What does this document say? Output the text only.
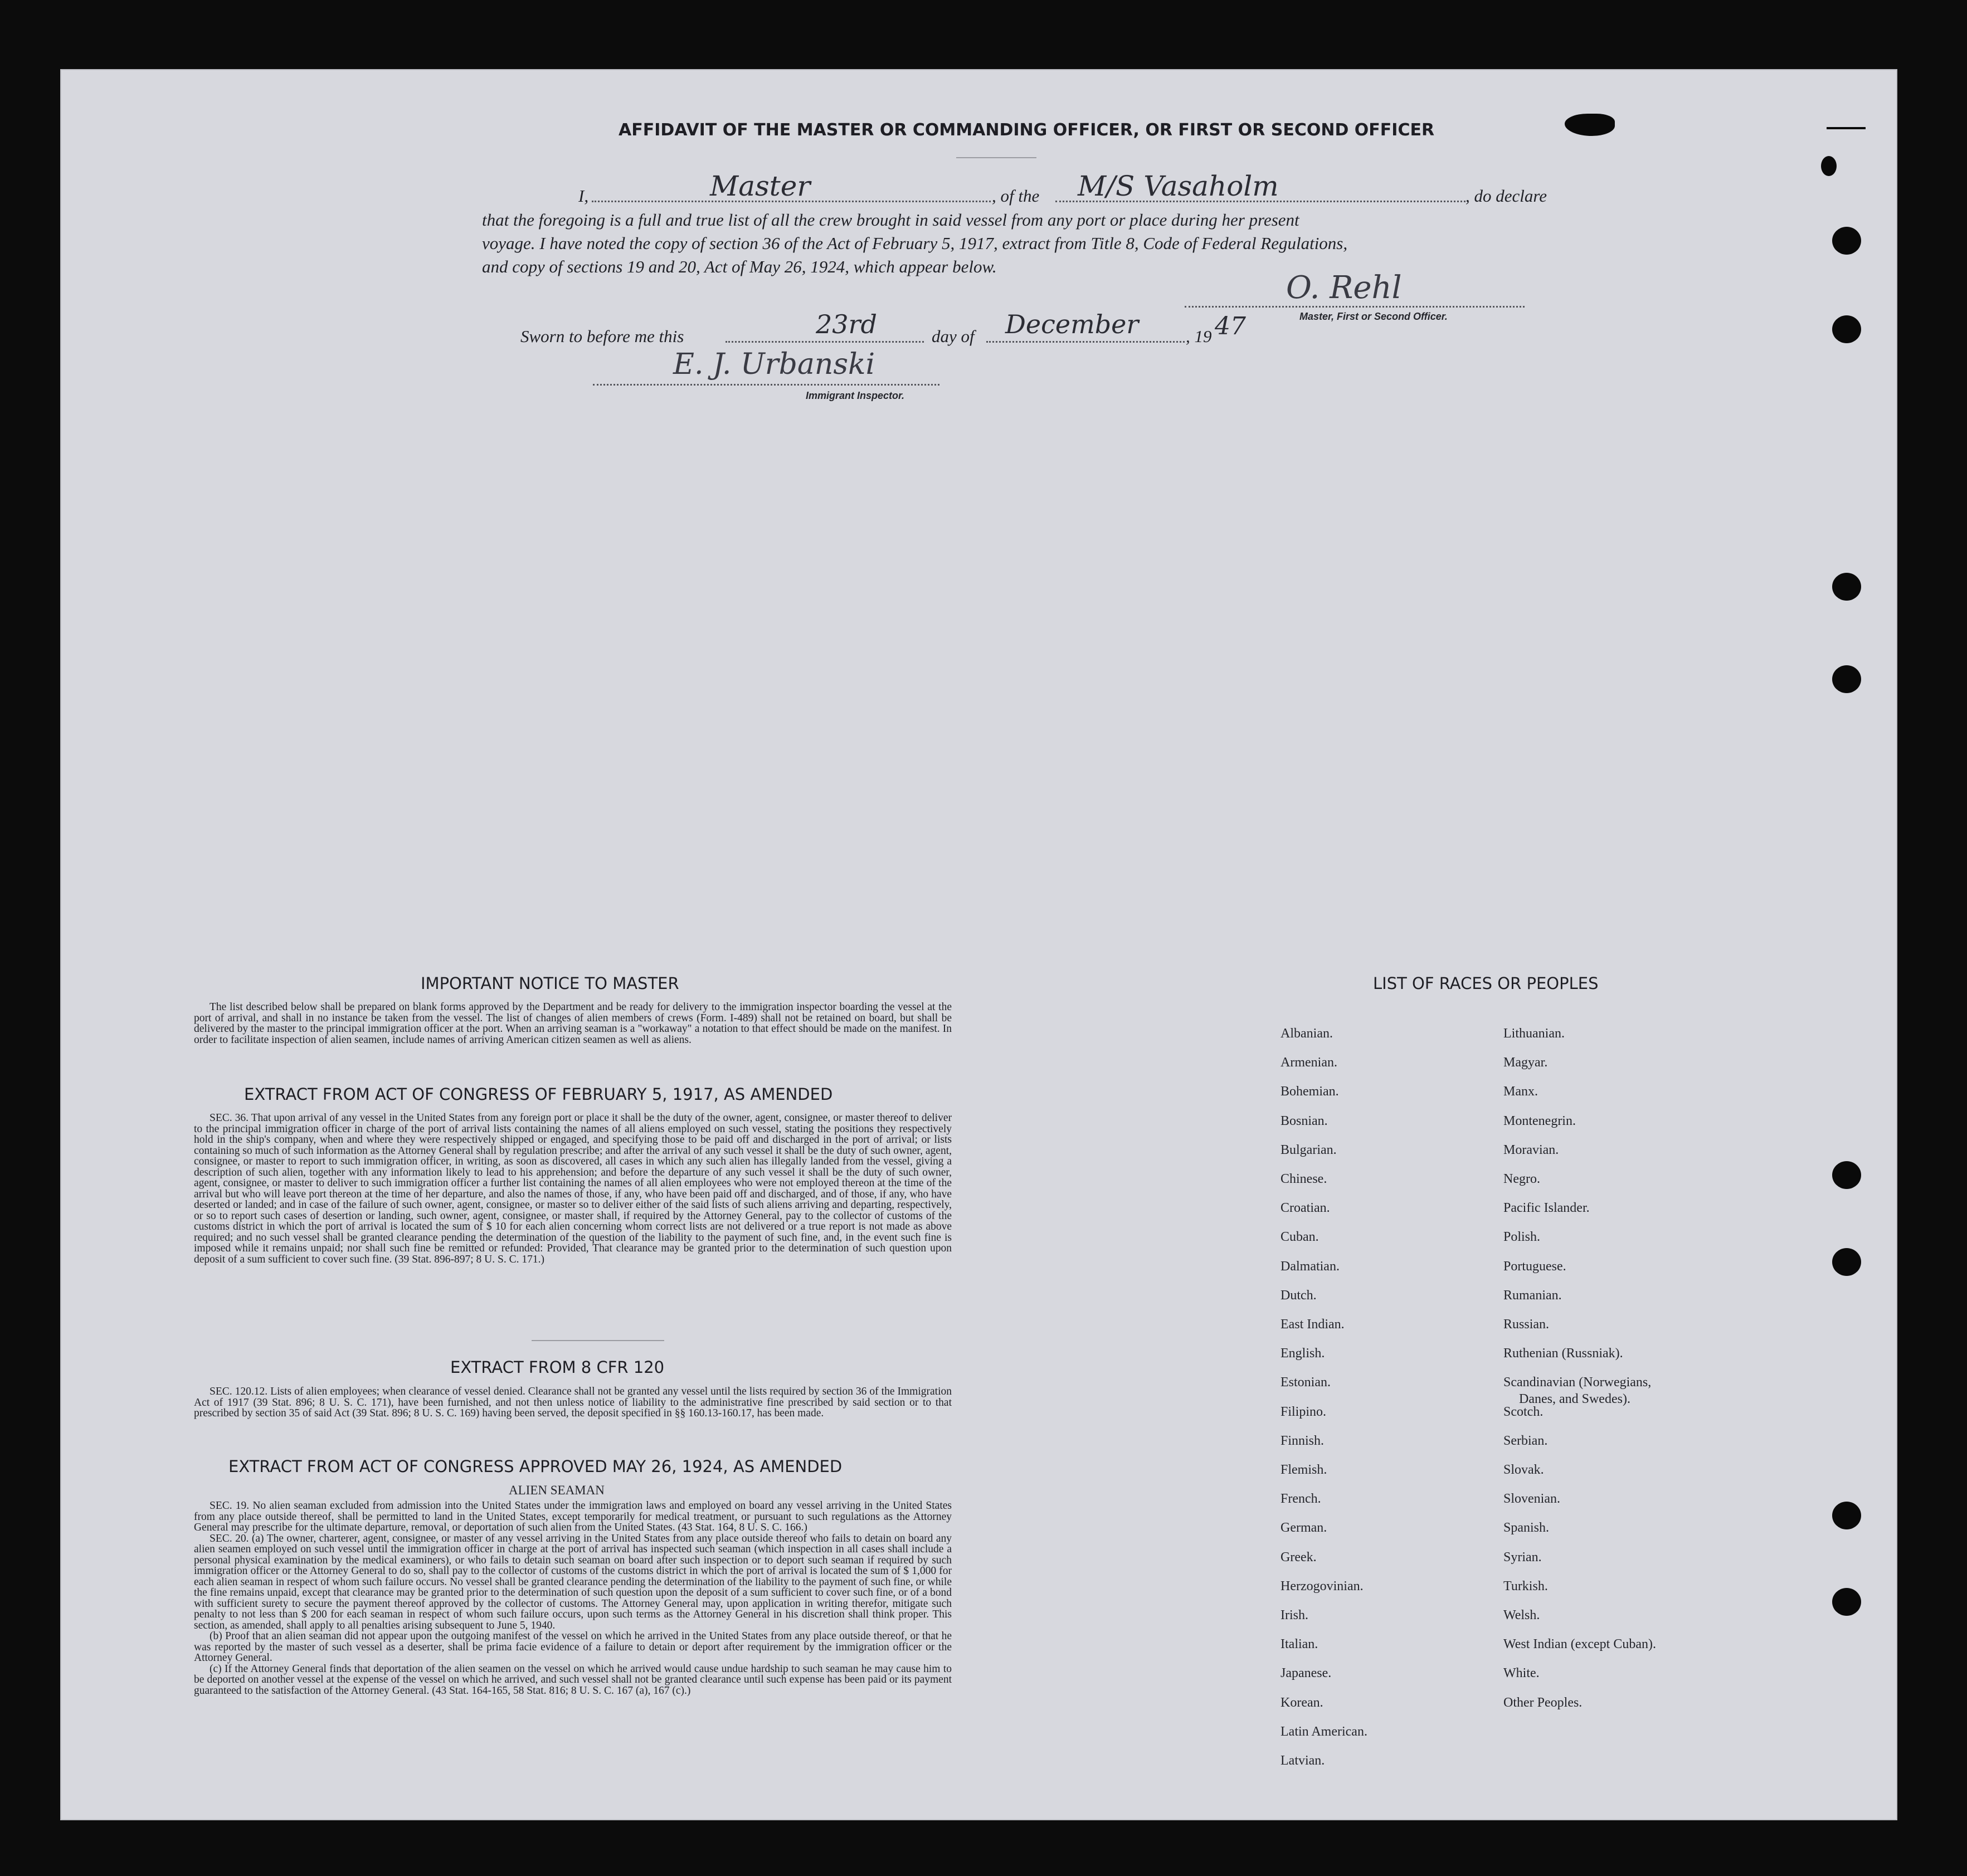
AFFIDAVIT OF THE MASTER OR COMMANDING OFFICER, OR FIRST OR SECOND OFFICER
I,	Master	, of the M/S Vasaholm	, do declare
that the foregoing is a full and true list of all the crew brought in said vessel from any port or place during her present
voyage. I have noted the copy of section 36 of the Act of February 5, 1917, extract from Title 8, Code of Federal Regulations,
and copy of sections 19 and 20, Act of May 26, 1924, which appear below.
O. Rehl
Master, First or Second Officer.
Sworn to before me this	23rd	day of December	, 19 47
E. J. Urbanski
Immigrant Inspector.
IMPORTANT NOTICE TO MASTER

The list described below shall be prepared on blank forms approved by the Department and be ready for delivery to the immigration inspector boarding the vessel at the port of arrival, and shall in no instance be taken from the vessel. The list of changes of alien members of crews (Form. I-489) shall not be retained on board, but shall be delivered by the master to the principal immigration officer at the port. When an arriving seaman is a "workaway" a notation to that effect should be made on the manifest. In order to facilitate inspection of alien seamen, include names of arriving American citizen seamen as well as aliens.

EXTRACT FROM ACT OF CONGRESS OF FEBRUARY 5, 1917, AS AMENDED

SEC. 36. That upon arrival of any vessel in the United States from any foreign port or place it shall be the duty of the owner, agent, consignee, or master thereof to deliver to the principal immigration officer in charge of the port of arrival lists containing the names of all aliens employed on such vessel, stating the positions they respectively hold in the ship's company, when and where they were respectively shipped or engaged, and specifying those to be paid off and discharged in the port of arrival; or lists containing so much of such information as the Attorney General shall by regulation prescribe; and after the arrival of any such vessel it shall be the duty of such owner, agent, consignee, or master to report to such immigration officer, in writing, as soon as discovered, all cases in which any such alien has illegally landed from the vessel, giving a description of such alien, together with any information likely to lead to his apprehension; and before the departure of any such vessel it shall be the duty of such owner, agent, consignee, or master to deliver to such immigration officer a further list containing the names of all alien employees who were not employed thereon at the time of the arrival but who will leave port thereon at the time of her departure, and also the names of those, if any, who have been paid off and discharged, and of those, if any, who have deserted or landed; and in case of the failure of such owner, agent, consignee, or master so to deliver either of the said lists of such aliens arriving and departing, respectively, or so to report such cases of desertion or landing, such owner, agent, consignee, or master shall, if required by the Attorney General, pay to the collector of customs of the customs district in which the port of arrival is located the sum of $ 10 for each alien concerning whom correct lists are not delivered or a true report is not made as above required; and no such vessel shall be granted clearance pending the determination of the question of the liability to the payment of such fine, and, in the event such fine is imposed while it remains unpaid; nor shall such fine be remitted or refunded: Provided, That clearance may be granted prior to the determination of such question upon deposit of a sum sufficient to cover such fine. (39 Stat. 896-897; 8 U. S. C. 171.)

EXTRACT FROM 8 CFR 120

SEC. 120.12. Lists of alien employees; when clearance of vessel denied. Clearance shall not be granted any vessel until the lists required by section 36 of the Immigration Act of 1917 (39 Stat. 896; 8 U. S. C. 171), have been furnished, and not then unless notice of liability to the administrative fine prescribed by said section or to that prescribed by section 35 of said Act (39 Stat. 896; 8 U. S. C. 169) having been served, the deposit specified in §§ 160.13-160.17, has been made.

EXTRACT FROM ACT OF CONGRESS APPROVED MAY 26, 1924, AS AMENDED
ALIEN SEAMAN

SEC. 19. No alien seaman excluded from admission into the United States under the immigration laws and employed on board any vessel arriving in the United States from any place outside thereof, shall be permitted to land in the United States, except temporarily for medical treatment, or pursuant to such regulations as the Attorney General may prescribe for the ultimate departure, removal, or deportation of such alien from the United States. (43 Stat. 164, 8 U. S. C. 166.)

SEC. 20. (a) The owner, charterer, agent, consignee, or master of any vessel arriving in the United States from any place outside thereof who fails to detain on board any alien seamen employed on such vessel until the immigration officer in charge at the port of arrival has inspected such seaman (which inspection in all cases shall include a personal physical examination by the medical examiners), or who fails to detain such seaman on board after such inspection or to deport such seaman if required by such immigration officer or the Attorney General to do so, shall pay to the collector of customs of the customs district in which the port of arrival is located the sum of $ 1,000 for each alien seaman in respect of whom such failure occurs. No vessel shall be granted clearance pending the determination of the liability to the payment of such fine, or while the fine remains unpaid, except that clearance may be granted prior to the determination of such question upon the deposit of a sum sufficient to cover such fine, or of a bond with sufficient surety to secure the payment thereof approved by the collector of customs. The Attorney General may, upon application in writing therefor, mitigate such penalty to not less than $ 200 for each seaman in respect of whom such failure occurs, upon such terms as the Attorney General in his discretion shall think proper. This section, as amended, shall apply to all penalties arising subsequent to June 5, 1940.

(b) Proof that an alien seaman did not appear upon the outgoing manifest of the vessel on which he arrived in the United States from any place outside thereof, or that he was reported by the master of such vessel as a deserter, shall be prima facie evidence of a failure to detain or deport after requirement by the immigration officer or the Attorney General.

(c) If the Attorney General finds that deportation of the alien seamen on the vessel on which he arrived would cause undue hardship to such seaman he may cause him to be deported on another vessel at the expense of the vessel on which he arrived, and such vessel shall not be granted clearance until such expense has been paid or its payment guaranteed to the satisfaction of the Attorney General. (43 Stat. 164-165, 58 Stat. 816; 8 U. S. C. 167 (a), 167 (c).)

LIST OF RACES OR PEOPLES
Albanian.
Armenian.
Bohemian.
Bosnian.
Bulgarian.
Chinese.
Croatian.
Cuban.
Dalmatian.
Dutch.
East Indian.
English.
Estonian.
Filipino.
Finnish.
Flemish.
French.
German.
Greek.
Herzogovinian.
Irish.
Italian.
Japanese.
Korean.
Latin American.
Latvian.
Lithuanian.
Magyar.
Manx.
Montenegrin.
Moravian.
Negro.
Pacific Islander.
Polish.
Portuguese.
Rumanian.
Russian.
Ruthenian (Russniak).
Scandinavian (Norwegians,
Danes, and Swedes).
Scotch.
Serbian.
Slovak.
Slovenian.
Spanish.
Syrian.
Turkish.
Welsh.
West Indian (except Cuban).
White.
Other Peoples.
